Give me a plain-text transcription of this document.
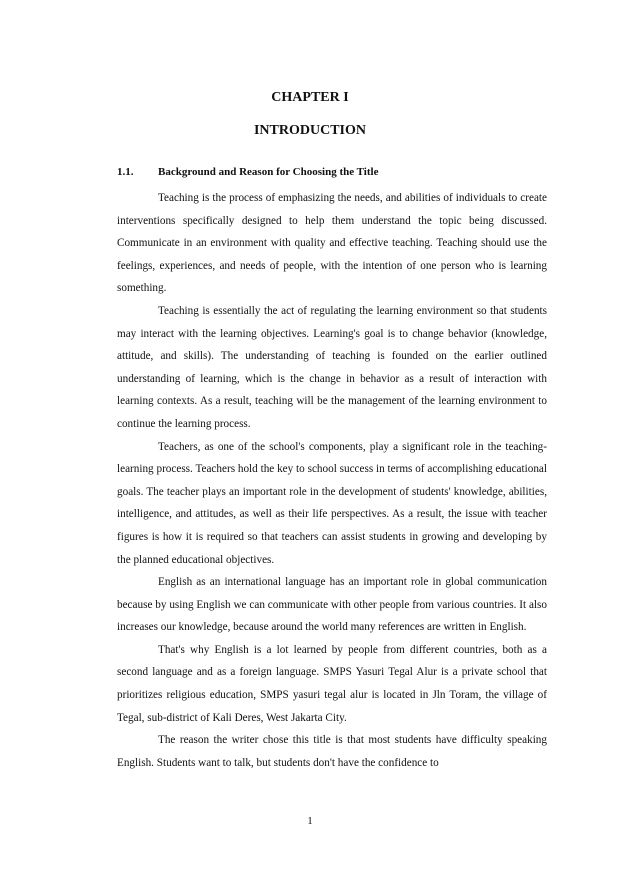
CHAPTER I
INTRODUCTION
1.1. Background and Reason for Choosing the Title

Teaching is the process of emphasizing the needs, and abilities of individuals to create interventions specifically designed to help them understand the topic being discussed. Communicate in an environment with quality and effective teaching. Teaching should use the feelings, experiences, and needs of people, with the intention of one person who is learning something.

Teaching is essentially the act of regulating the learning environment so that students may interact with the learning objectives. Learning's goal is to change behavior (knowledge, attitude, and skills). The understanding of teaching is founded on the earlier outlined understanding of learning, which is the change in behavior as a result of interaction with learning contexts. As a result, teaching will be the management of the learning environment to continue the learning process.

Teachers, as one of the school's components, play a significant role in the teaching-learning process. Teachers hold the key to school success in terms of accomplishing educational goals. The teacher plays an important role in the development of students' knowledge, abilities, intelligence, and attitudes, as well as their life perspectives. As a result, the issue with teacher figures is how it is required so that teachers can assist students in growing and developing by the planned educational objectives.

English as an international language has an important role in global communication because by using English we can communicate with other people from various countries. It also increases our knowledge, because around the world many references are written in English.

That's why English is a lot learned by people from different countries, both as a second language and as a foreign language. SMPS Yasuri Tegal Alur is a private school that prioritizes religious education, SMPS yasuri tegal alur is located in Jln Toram, the village of Tegal, sub-district of Kali Deres, West Jakarta City.

The reason the writer chose this title is that most students have difficulty speaking English. Students want to talk, but students don't have the confidence to

1
